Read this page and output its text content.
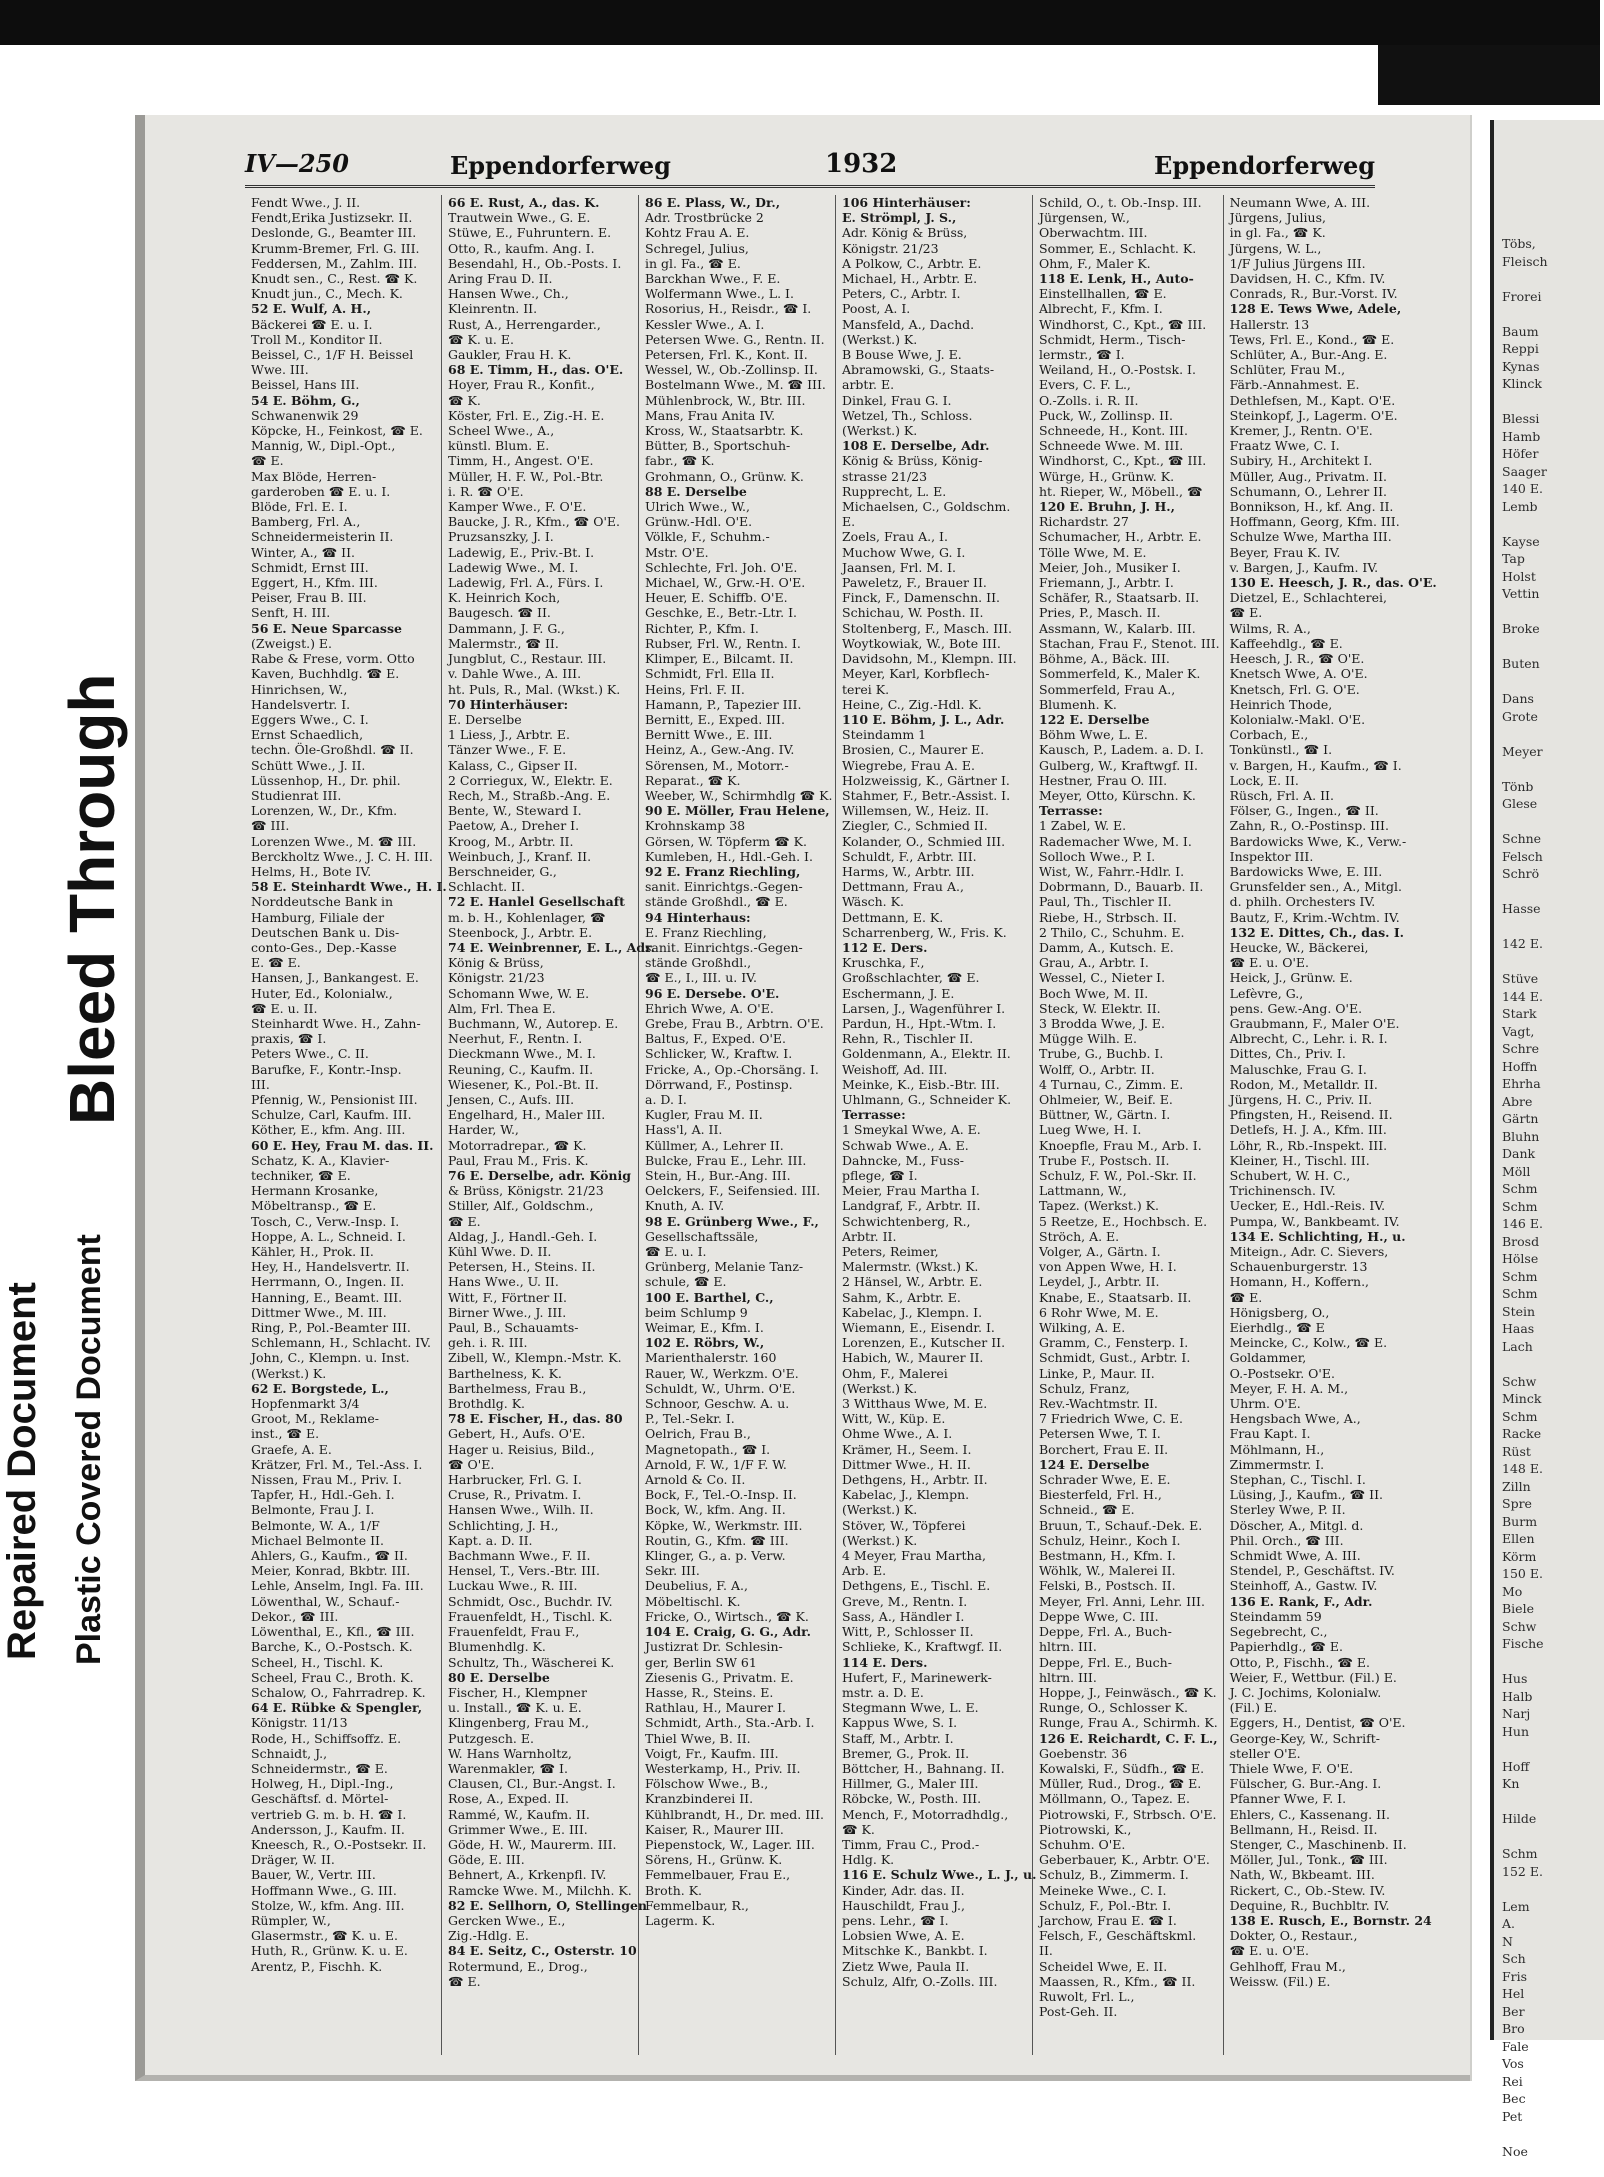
Bleed Through
Repaired Document Plastic Covered Document
IV—250	Eppendorferweg	1932	Eppendorferweg
Fendt Wwe., J. II.
Fendt,Erika Justizsekr. II.
Deslonde, G., Beamter III.
Krumm-Bremer, Frl. G. III.
Feddersen, M., Zahlm. III.
Knudt sen., C., Rest. ☎ K.
Knudt jun., C., Mech. K.
52 E. Wulf, A. H.,
Bäckerei ☎ E. u. I.
Troll M., Konditor II.
Beissel, C., 1/F H. Beissel
Wwe. III.
Beissel, Hans III.
54 E. Böhm, G.,
Schwanenwik 29
Köpcke, H., Feinkost, ☎ E.
Mannig, W., Dipl.-Opt.,
☎ E.
Max Blöde, Herren-
garderoben ☎ E. u. I.
Blöde, Frl. E. I.
Bamberg, Frl. A.,
Schneidermeisterin II.
Winter, A., ☎ II.
Schmidt, Ernst III.
Eggert, H., Kfm. III.
Peiser, Frau B. III.
Senft, H. III.
56 E. Neue Sparcasse
(Zweigst.) E.
Rabe & Frese, vorm. Otto
Kaven, Buchhdlg. ☎ E.
Hinrichsen, W.,
Handelsvertr. I.
Eggers Wwe., C. I.
Ernst Schaedlich,
techn. Öle-Großhdl. ☎ II.
Schütt Wwe., J. II.
Lüssenhop, H., Dr. phil.
Studienrat III.
Lorenzen, W., Dr., Kfm.
☎ III.
Lorenzen Wwe., M. ☎ III.
Berckholtz Wwe., J. C. H. III.
Helms, H., Bote IV.
58 E. Steinhardt Wwe., H. I.
Norddeutsche Bank in
Hamburg, Filiale der
Deutschen Bank u. Dis-
conto-Ges., Dep.-Kasse
E. ☎ E.
Hansen, J., Bankangest. E.
Huter, Ed., Kolonialw.,
☎ E. u. II.
Steinhardt Wwe. H., Zahn-
praxis, ☎ I.
Peters Wwe., C. II.
Barufke, F., Kontr.-Insp.
III.
Pfennig, W., Pensionist III.
Schulze, Carl, Kaufm. III.
Köther, E., kfm. Ang. III.
60 E. Hey, Frau M. das. II.
Schatz, K. A., Klavier-
techniker, ☎ E.
Hermann Krosanke,
Möbeltransp., ☎ E.
Tosch, C., Verw.-Insp. I.
Hoppe, A. L., Schneid. I.
Kähler, H., Prok. II.
Hey, H., Handelsvertr. II.
Herrmann, O., Ingen. II.
Hanning, E., Beamt. III.
Dittmer Wwe., M. III.
Ring, P., Pol.-Beamter III.
Schlemann, H., Schlacht. IV.
John, C., Klempn. u. Inst.
(Werkst.) K.
62 E. Borgstede, L.,
Hopfenmarkt 3/4
Groot, M., Reklame-
inst., ☎ E.
Graefe, A. E.
Krätzer, Frl. M., Tel.-Ass. I.
Nissen, Frau M., Priv. I.
Tapfer, H., Hdl.-Geh. I.
Belmonte, Frau J. I.
Belmonte, W. A., 1/F
Michael Belmonte II.
Ahlers, G., Kaufm., ☎ II.
Meier, Konrad, Bkbtr. III.
Lehle, Anselm, Ingl. Fa. III.
Löwenthal, W., Schauf.-
Dekor., ☎ III.
Löwenthal, E., Kfl., ☎ III.
Barche, K., O.-Postsch. K.
Scheel, H., Tischl. K.
Scheel, Frau C., Broth. K.
Schalow, O., Fahrradrep. K.
64 E. Rübke & Spengler,
Königstr. 11/13
Rode, H., Schiffsoffz. E.
Schnaidt, J.,
Schneidermstr., ☎ E.
Holweg, H., Dipl.-Ing.,
Geschäftsf. d. Mörtel-
vertrieb G. m. b. H. ☎ I.
Andersson, J., Kaufm. II.
Kneesch, R., O.-Postsekr. II.
Dräger, W. II.
Bauer, W., Vertr. III.
Hoffmann Wwe., G. III.
Stolze, W., kfm. Ang. III.
Rümpler, W.,
Glasermstr., ☎ K. u. E.
Huth, R., Grünw. K. u. E.
Arentz, P., Fischh. K.
66 E. Rust, A., das. K.
Trautwein Wwe., G. E.
Stüwe, E., Fuhruntern. E.
Otto, R., kaufm. Ang. I.
Besendahl, H., Ob.-Posts. I.
Aring Frau D. II.
Hansen Wwe., Ch.,
Kleinrentn. II.
Rust, A., Herrengarder.,
☎ K. u. E.
Gaukler, Frau H. K.
68 E. Timm, H., das. O'E.
Hoyer, Frau R., Konfit.,
☎ K.
Köster, Frl. E., Zig.-H. E.
Scheel Wwe., A.,
künstl. Blum. E.
Timm, H., Angest. O'E.
Müller, H. F. W., Pol.-Btr.
i. R. ☎ O'E.
Kamper Wwe., F. O'E.
Baucke, J. R., Kfm., ☎ O'E.
Pruzsanszky, J. I.
Ladewig, E., Priv.-Bt. I.
Ladewig Wwe., M. I.
Ladewig, Frl. A., Fürs. I.
K. Heinrich Koch,
Baugesch. ☎ II.
Dammann, J. F. G.,
Malermstr., ☎ II.
Jungblut, C., Restaur. III.
v. Dahle Wwe., A. III.
ht. Puls, R., Mal. (Wkst.) K.
70 Hinterhäuser:
E. Derselbe
1 Liess, J., Arbtr. E.
Tänzer Wwe., F. E.
Kalass, C., Gipser II.
2 Corriegux, W., Elektr. E.
Rech, M., Straßb.-Ang. E.
Bente, W., Steward I.
Paetow, A., Dreher I.
Kroog, M., Arbtr. II.
Weinbuch, J., Kranf. II.
Berschneider, G.,
Schlacht. II.
72 E. Hanlel Gesellschaft
m. b. H., Kohlenlager, ☎
Steenbock, J., Arbtr. E.
74 E. Weinbrenner, E. L., Adr.
König & Brüss,
Königstr. 21/23
Schomann Wwe, W. E.
Alm, Frl. Thea E.
Buchmann, W., Autorep. E.
Neerhut, F., Rentn. I.
Dieckmann Wwe., M. I.
Reuning, C., Kaufm. II.
Wiesener, K., Pol.-Bt. II.
Jensen, C., Aufs. III.
Engelhard, H., Maler III.
Harder, W.,
Motorradrepar., ☎ K.
Paul, Frau M., Fris. K.
76 E. Derselbe, adr. König
& Brüss, Königstr. 21/23
Stiller, Alf., Goldschm.,
☎ E.
Aldag, J., Handl.-Geh. I.
Kühl Wwe. D. II.
Petersen, H., Steins. II.
Hans Wwe., U. II.
Witt, F., Förtner II.
Birner Wwe., J. III.
Paul, B., Schauamts-
geh. i. R. III.
Zibell, W., Klempn.-Mstr. K.
Barthelness, K. K.
Barthelmess, Frau B.,
Brothdlg. K.
78 E. Fischer, H., das. 80
Gebert, H., Aufs. O'E.
Hager u. Reisius, Bild.,
☎ O'E.
Harbrucker, Frl. G. I.
Cruse, R., Privatm. I.
Hansen Wwe., Wilh. II.
Schlichting, J. H.,
Kapt. a. D. II.
Bachmann Wwe., F. II.
Hensel, T., Vers.-Btr. III.
Luckau Wwe., R. III.
Schmidt, Osc., Buchdr. IV.
Frauenfeldt, H., Tischl. K.
Frauenfeldt, Frau F.,
Blumenhdlg. K.
Schultz, Th., Wäscherei K.
80 E. Derselbe
Fischer, H., Klempner
u. Install., ☎ K. u. E.
Klingenberg, Frau M.,
Putzgesch. E.
W. Hans Warnholtz,
Warenmakler, ☎ I.
Clausen, Cl., Bur.-Angst. I.
Rose, A., Exped. II.
Rammé, W., Kaufm. II.
Grimmer Wwe., E. III.
Göde, H. W., Maurerm. III.
Göde, E. III.
Behnert, A., Krkenpfl. IV.
Ramcke Wwe. M., Milchh. K.
82 E. Sellhorn, O, Stellingen
Gercken Wwe., E.,
Zig.-Hdlg. E.
84 E. Seitz, C., Osterstr. 10
Rotermund, E., Drog.,
☎ E.
86 E. Plass, W., Dr.,
Adr. Trostbrücke 2
Kohtz Frau A. E.
Schregel, Julius,
in gl. Fa., ☎ E.
Barckhan Wwe., F. E.
Wolfermann Wwe., L. I.
Rosorius, H., Reisdr., ☎ I.
Kessler Wwe., A. I.
Petersen Wwe. G., Rentn. II.
Petersen, Frl. K., Kont. II.
Wessel, W., Ob.-Zollinsp. II.
Bostelmann Wwe., M. ☎ III.
Mühlenbrock, W., Btr. III.
Mans, Frau Anita IV.
Kross, W., Staatsarbtr. K.
Bütter, B., Sportschuh-
fabr., ☎ K.
Grohmann, O., Grünw. K.
88 E. Derselbe
Ulrich Wwe., W.,
Grünw.-Hdl. O'E.
Völkle, F., Schuhm.-
Mstr. O'E.
Schlechte, Frl. Joh. O'E.
Michael, W., Grw.-H. O'E.
Heuer, E. Schiffb. O'E.
Geschke, E., Betr.-Ltr. I.
Richter, P., Kfm. I.
Rubser, Frl. W., Rentn. I.
Klimper, E., Bilcamt. II.
Schmidt, Frl. Ella II.
Heins, Frl. F. II.
Hamann, P., Tapezier III.
Bernitt, E., Exped. III.
Bernitt Wwe., E. III.
Heinz, A., Gew.-Ang. IV.
Sörensen, M., Motorr.-
Reparat., ☎ K.
Weeber, W., Schirmhdlg ☎ K.
90 E. Möller, Frau Helene,
Krohnskamp 38
Görsen, W. Töpferm ☎ K.
Kumleben, H., Hdl.-Geh. I.
92 E. Franz Riechling,
sanit. Einrichtgs.-Gegen-
stände Großhdl., ☎ E.
94 Hinterhaus:
E. Franz Riechling,
sanit. Einrichtgs.-Gegen-
stände Großhdl.,
☎ E., I., III. u. IV.
96 E. Dersebe. O'E.
Ehrich Wwe, A. O'E.
Grebe, Frau B., Arbtrn. O'E.
Baltus, F., Exped. O'E.
Schlicker, W., Kraftw. I.
Fricke, A., Op.-Chorsäng. I.
Dörrwand, F., Postinsp.
a. D. I.
Kugler, Frau M. II.
Hass'l, A. II.
Küllmer, A., Lehrer II.
Bulcke, Frau E., Lehr. III.
Stein, H., Bur.-Ang. III.
Oelckers, F., Seifensied. III.
Knuth, A. IV.
98 E. Grünberg Wwe., F.,
Gesellschaftssäle,
☎ E. u. I.
Grünberg, Melanie Tanz-
schule, ☎ E.
100 E. Barthel, C.,
beim Schlump 9
Weimar, E., Kfm. I.
102 E. Röbrs, W.,
Marienthalerstr. 160
Rauer, W., Werkzm. O'E.
Schuldt, W., Uhrm. O'E.
Schnoor, Geschw. A. u.
P., Tel.-Sekr. I.
Oelrich, Frau B.,
Magnetopath., ☎ I.
Arnold, F. W., 1/F F. W.
Arnold & Co. II.
Bock, F., Tel.-O.-Insp. II.
Bock, W., kfm. Ang. II.
Köpke, W., Werkmstr. III.
Routin, G., Kfm. ☎ III.
Klinger, G., a. p. Verw.
Sekr. III.
Deubelius, F. A.,
Möbeltischl. K.
Fricke, O., Wirtsch., ☎ K.
104 E. Craig, G. G., Adr.
Justizrat Dr. Schlesin-
ger, Berlin SW 61
Ziesenis G., Privatm. E.
Hasse, R., Steins. E.
Rathlau, H., Maurer I.
Schmidt, Arth., Sta.-Arb. I.
Thiel Wwe, B. II.
Voigt, Fr., Kaufm. III.
Westerkamp, H., Priv. II.
Fölschow Wwe., B.,
Kranzbinderei II.
Kühlbrandt, H., Dr. med. III.
Kaiser, R., Maurer III.
Piepenstock, W., Lager. III.
Sörens, H., Grünw. K.
Femmelbauer, Frau E.,
Broth. K.
Femmelbaur, R.,
Lagerm. K.
106 Hinterhäuser:
E. Strömpl, J. S.,
Adr. König & Brüss,
Königstr. 21/23
A Polkow, C., Arbtr. E.
Michael, H., Arbtr. E.
Peters, C., Arbtr. I.
Poost, A. I.
Mansfeld, A., Dachd.
(Werkst.) K.
B Bouse Wwe, J. E.
Abramowski, G., Staats-
arbtr. E.
Dinkel, Frau G. I.
Wetzel, Th., Schloss.
(Werkst.) K.
108 E. Derselbe, Adr.
König & Brüss, König-
strasse 21/23
Rupprecht, L. E.
Michaelsen, C., Goldschm.
E.
Zoels, Frau A., I.
Muchow Wwe, G. I.
Jaansen, Frl. M. I.
Paweletz, F., Brauer II.
Finck, F., Damenschn. II.
Schichau, W. Posth. II.
Stoltenberg, F., Masch. III.
Woytkowiak, W., Bote III.
Davidsohn, M., Klempn. III.
Meyer, Karl, Korbflech-
terei K.
Heine, C., Zig.-Hdl. K.
110 E. Böhm, J. L., Adr.
Steindamm 1
Brosien, C., Maurer E.
Wiegrebe, Frau A. E.
Holzweissig, K., Gärtner I.
Stahmer, F., Betr.-Assist. I.
Willemsen, W., Heiz. II.
Ziegler, C., Schmied II.
Kolander, O., Schmied III.
Schuldt, F., Arbtr. III.
Harms, W., Arbtr. III.
Dettmann, Frau A.,
Wäsch. K.
Dettmann, E. K.
Scharrenberg, W., Fris. K.
112 E. Ders.
Kruschka, F.,
Großschlachter, ☎ E.
Eschermann, J. E.
Larsen, J., Wagenführer I.
Pardun, H., Hpt.-Wtm. I.
Rehn, R., Tischler II.
Goldenmann, A., Elektr. II.
Weishoff, Ad. III.
Meinke, K., Eisb.-Btr. III.
Uhlmann, G., Schneider K.
Terrasse:
1 Smeykal Wwe, A. E.
Schwab Wwe., A. E.
Dahncke, M., Fuss-
pflege, ☎ I.
Meier, Frau Martha I.
Landgraf, F., Arbtr. II.
Schwichtenberg, R.,
Arbtr. II.
Peters, Reimer,
Malermstr. (Wkst.) K.
2 Hänsel, W., Arbtr. E.
Sahm, K., Arbtr. E.
Kabelac, J., Klempn. I.
Wiemann, E., Eisendr. I.
Lorenzen, E., Kutscher II.
Habich, W., Maurer II.
Ohm, F., Malerei
(Werkst.) K.
3 Witthaus Wwe, M. E.
Witt, W., Küp. E.
Ohme Wwe., A. I.
Krämer, H., Seem. I.
Dittmer Wwe., H. II.
Dethgens, H., Arbtr. II.
Kabelac, J., Klempn.
(Werkst.) K.
Stöver, W., Töpferei
(Werkst.) K.
4 Meyer, Frau Martha,
Arb. E.
Dethgens, E., Tischl. E.
Greve, M., Rentn. I.
Sass, A., Händler I.
Witt, P., Schlosser II.
Schlieke, K., Kraftwgf. II.
114 E. Ders.
Hufert, F., Marinewerk-
mstr. a. D. E.
Stegmann Wwe, L. E.
Kappus Wwe, S. I.
Staff, M., Arbtr. I.
Bremer, G., Prok. II.
Böttcher, H., Bahnang. II.
Hillmer, G., Maler III.
Röbcke, W., Posth. III.
Mench, F., Motorradhdlg.,
☎ K.
Timm, Frau C., Prod.-
Hdlg. K.
116 E. Schulz Wwe., L. J., u.
Kinder, Adr. das. II.
Hauschildt, Frau J.,
pens. Lehr., ☎ I.
Lobsien Wwe, A. E.
Mitschke K., Bankbt. I.
Zietz Wwe, Paula II.
Schulz, Alfr, O.-Zolls. III.
Schild, O., t. Ob.-Insp. III.
Jürgensen, W.,
Oberwachtm. III.
Sommer, E., Schlacht. K.
Ohm, F., Maler K.
118 E. Lenk, H., Auto-
Einstellhallen, ☎ E.
Albrecht, F., Kfm. I.
Windhorst, C., Kpt., ☎ III.
Schmidt, Herm., Tisch-
lermstr., ☎ I.
Weiland, H., O.-Postsk. I.
Evers, C. F. L.,
O.-Zolls. i. R. II.
Puck, W., Zollinsp. II.
Schneede, H., Kont. III.
Schneede Wwe. M. III.
Windhorst, C., Kpt., ☎ III.
Würge, H., Grünw. K.
ht. Rieper, W., Möbell., ☎
120 E. Bruhn, J. H.,
Richardstr. 27
Schumacher, H., Arbtr. E.
Tölle Wwe, M. E.
Meier, Joh., Musiker I.
Friemann, J., Arbtr. I.
Schäfer, R., Staatsarb. II.
Pries, P., Masch. II.
Assmann, W., Kalarb. III.
Stachan, Frau F., Stenot. III.
Böhme, A., Bäck. III.
Sommerfeld, K., Maler K.
Sommerfeld, Frau A.,
Blumenh. K.
122 E. Derselbe
Böhm Wwe, L. E.
Kausch, P., Ladem. a. D. I.
Gulberg, W., Kraftwgf. II.
Hestner, Frau O. III.
Meyer, Otto, Kürschn. K.
Terrasse:
1 Zabel, W. E.
Rademacher Wwe, M. I.
Solloch Wwe., P. I.
Wist, W., Fahrr.-Hdlr. I.
Dobrmann, D., Bauarb. II.
Paul, Th., Tischler II.
Riebe, H., Strbsch. II.
2 Thilo, C., Schuhm. E.
Damm, A., Kutsch. E.
Grau, A., Arbtr. I.
Wessel, C., Nieter I.
Boch Wwe, M. II.
Steck, W. Elektr. II.
3 Brodda Wwe, J. E.
Mügge Wilh. E.
Trube, G., Buchb. I.
Wolff, O., Arbtr. II.
4 Turnau, C., Zimm. E.
Ohlmeier, W., Beif. E.
Büttner, W., Gärtn. I.
Lueg Wwe, H. I.
Knoepfle, Frau M., Arb. I.
Trube F., Postsch. II.
Schulz, F. W., Pol.-Skr. II.
Lattmann, W.,
Tapez. (Werkst.) K.
5 Reetze, E., Hochbsch. E.
Ströch, A. E.
Volger, A., Gärtn. I.
von Appen Wwe, H. I.
Leydel, J., Arbtr. II.
Knabe, E., Staatsarb. II.
6 Rohr Wwe, M. E.
Wilking, A. E.
Gramm, C., Fensterp. I.
Schmidt, Gust., Arbtr. I.
Linke, P., Maur. II.
Schulz, Franz,
Rev.-Wachtmstr. II.
7 Friedrich Wwe, C. E.
Petersen Wwe, T. I.
Borchert, Frau E. II.
124 E. Derselbe
Schrader Wwe, E. E.
Biesterfeld, Frl. H.,
Schneid., ☎ E.
Bruun, T., Schauf.-Dek. E.
Schulz, Heinr., Koch I.
Bestmann, H., Kfm. I.
Wöhlk, W., Malerei II.
Felski, B., Postsch. II.
Meyer, Frl. Anni, Lehr. III.
Deppe Wwe, C. III.
Deppe, Frl. A., Buch-
hltrn. III.
Deppe, Frl. E., Buch-
hltrn. III.
Hoppe, J., Feinwäsch., ☎ K.
Runge, O., Schlosser K.
Runge, Frau A., Schirmh. K.
126 E. Reichardt, C. F. L.,
Goebenstr. 36
Kowalski, F., Südfh., ☎ E.
Müller, Rud., Drog., ☎ E.
Möllmann, O., Tapez. E.
Piotrowski, F., Strbsch. O'E.
Piotrowski, K.,
Schuhm. O'E.
Geberbauer, K., Arbtr. O'E.
Schulz, B., Zimmerm. I.
Meineke Wwe., C. I.
Schulz, F., Pol.-Btr. I.
Jarchow, Frau E. ☎ I.
Felsch, F., Geschäftskml.
II.
Scheidel Wwe, E. II.
Maassen, R., Kfm., ☎ II.
Ruwolt, Frl. L.,
Post-Geh. II.
Neumann Wwe, A. III.
Jürgens, Julius,
in gl. Fa., ☎ K.
Jürgens, W. L.,
1/F Julius Jürgens III.
Davidsen, H. C., Kfm. IV.
Conrads, R., Bur.-Vorst. IV.
128 E. Tews Wwe, Adele,
Hallerstr. 13
Tews, Frl. E., Kond., ☎ E.
Schlüter, A., Bur.-Ang. E.
Schlüter, Frau M.,
Färb.-Annahmest. E.
Dethlefsen, M., Kapt. O'E.
Steinkopf, J., Lagerm. O'E.
Kremer, J., Rentn. O'E.
Fraatz Wwe, C. I.
Subiry, H., Architekt I.
Müller, Aug., Privatm. II.
Schumann, O., Lehrer II.
Bonnikson, H., kf. Ang. II.
Hoffmann, Georg, Kfm. III.
Schulze Wwe, Martha III.
Beyer, Frau K. IV.
v. Bargen, J., Kaufm. IV.
130 E. Heesch, J. R., das. O'E.
Dietzel, E., Schlachterei,
☎ E.
Wilms, R. A.,
Kaffeehdlg., ☎ E.
Heesch, J. R., ☎ O'E.
Knetsch Wwe, A. O'E.
Knetsch, Frl. G. O'E.
Heinrich Thode,
Kolonialw.-Makl. O'E.
Corbach, E.,
Tonkünstl., ☎ I.
v. Bargen, H., Kaufm., ☎ I.
Lock, E. II.
Rüsch, Frl. A. II.
Fölser, G., Ingen., ☎ II.
Zahn, R., O.-Postinsp. III.
Bardowicks Wwe, K., Verw.-
Inspektor III.
Bardowicks Wwe, E. III.
Grunsfelder sen., A., Mitgl.
d. philh. Orchesters IV.
Bautz, F., Krim.-Wchtm. IV.
132 E. Dittes, Ch., das. I.
Heucke, W., Bäckerei,
☎ E. u. O'E.
Heick, J., Grünw. E.
Lefèvre, G.,
pens. Gew.-Ang. O'E.
Graubmann, F., Maler O'E.
Albrecht, C., Lehr. i. R. I.
Dittes, Ch., Priv. I.
Maluschke, Frau G. I.
Rodon, M., Metalldr. II.
Jürgens, H. C., Priv. II.
Pfingsten, H., Reisend. II.
Detlefs, H. J. A., Kfm. III.
Löhr, R., Rb.-Inspekt. III.
Kleiner, H., Tischl. III.
Schubert, W. H. C.,
Trichinensch. IV.
Uecker, E., Hdl.-Reis. IV.
Pumpa, W., Bankbeamt. IV.
134 E. Schlichting, H., u.
Miteign., Adr. C. Sievers,
Schauenburgerstr. 13
Homann, H., Koffern.,
☎ E.
Hönigsberg, O.,
Eierhdlg., ☎ E
Meincke, C., Kolw., ☎ E.
Goldammer,
O.-Postsekr. O'E.
Meyer, F. H. A. M.,
Uhrm. O'E.
Hengsbach Wwe, A.,
Frau Kapt. I.
Möhlmann, H.,
Zimmermstr. I.
Stephan, C., Tischl. I.
Lüsing, J., Kaufm., ☎ II.
Sterley Wwe, P. II.
Döscher, A., Mitgl. d.
Phil. Orch., ☎ III.
Schmidt Wwe, A. III.
Stendel, P., Geschäftst. IV.
Steinhoff, A., Gastw. IV.
136 E. Rank, F., Adr.
Steindamm 59
Segebrecht, C.,
Papierhdlg., ☎ E.
Otto, P., Fischh., ☎ E.
Weier, F., Wettbur. (Fil.) E.
J. C. Jochims, Kolonialw.
(Fil.) E.
Eggers, H., Dentist, ☎ O'E.
George-Key, W., Schrift-
steller O'E.
Thiele Wwe, F. O'E.
Fülscher, G. Bur.-Ang. I.
Pfanner Wwe, F. I.
Ehlers, C., Kassenang. II.
Bellmann, H., Reisd. II.
Stenger, C., Maschinenb. II.
Möller, Jul., Tonk., ☎ III.
Nath, W., Bkbeamt. III.
Rickert, C., Ob.-Stew. IV.
Dequine, R., Buchbltr. IV.
138 E. Rusch, E., Bornstr. 24
Dokter, O., Restaur.,
☎ E. u. O'E.
Gehlhoff, Frau M.,
Weissw. (Fil.) E.
Töbs,
Fleisch

Frorei

Baum
Reppi
Kynas
Klinck

Blessi
Hamb
Höfer
Saager
140 E.
Lemb

Kayse
Tap
Holst
Vettin

Broke

Buten

Dans
Grote

Meyer

Tönb
Glese

Schne
Felsch
Schrö

Hasse

142 E.

Stüve
144 E.
Stark
Vagt,
Schre
Hoffn
Ehrha
Abre
Gärtn
Bluhn
Dank
Möll
Schm
Schm
146 E.
Brosd
Hölse
Schm
Schm
Stein
Haas
Lach

Schw
Minck
Schm
Racke
Rüst
148 E.
Zilln
Spre
Burm
Ellen
Körm
150 E.
Mo
Biele
Schw
Fische

Hus
Halb
Narj
Hun

Hoff
Kn

Hilde

Schm
152 E.

Lem
A.
N
Sch
Fris
Hel
Ber
Bro
Fale
Vos
Rei
Bec
Pet

Noe
